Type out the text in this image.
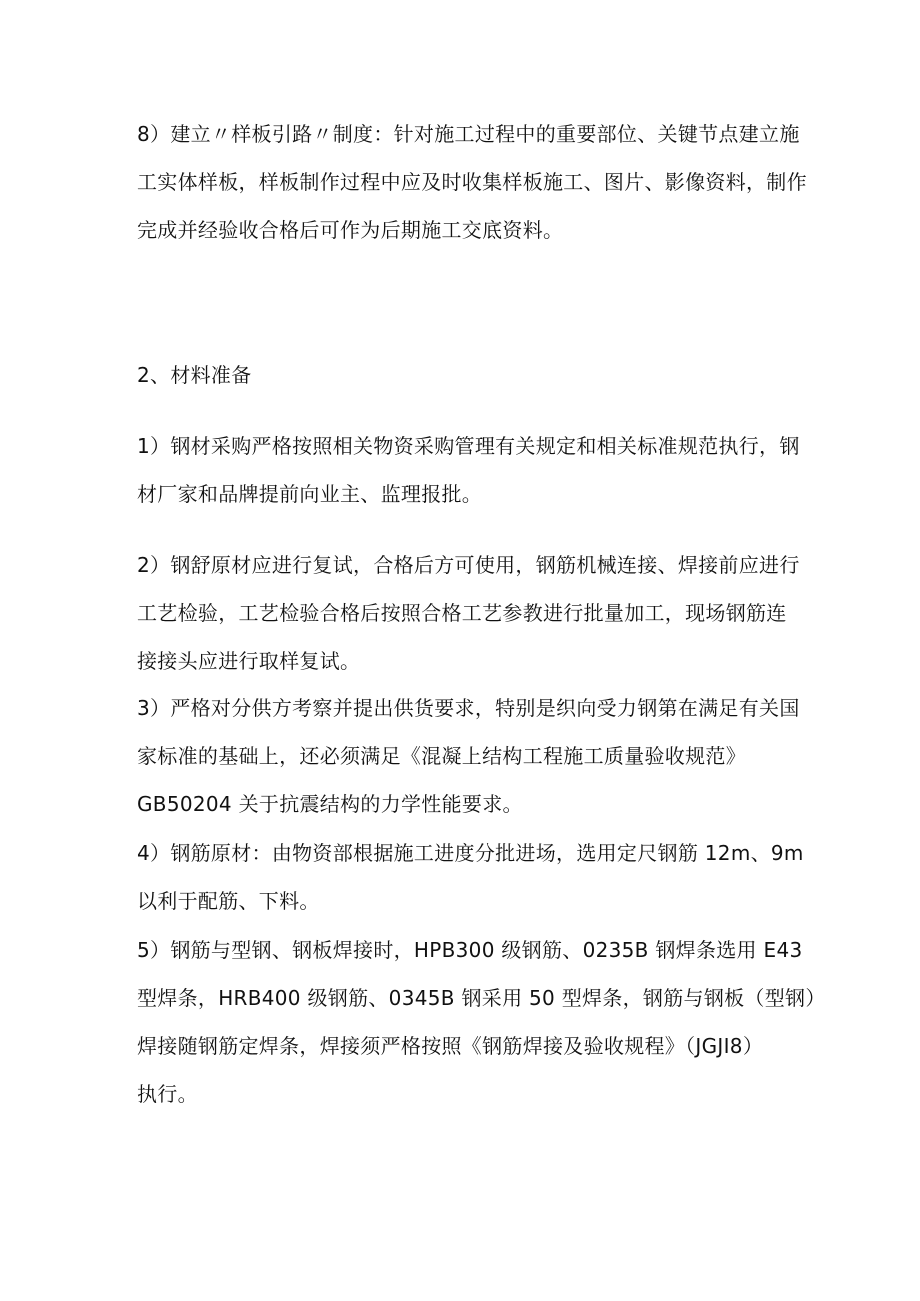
8）建立〃样板引路〃制度：针对施工过程中的重要部位、关键节点建立施
工实体样板，样板制作过程中应及时收集样板施工、图片、影像资料，制作
完成并经验收合格后可作为后期施工交底资料。

2、材料准备

1）钢材采购严格按照相关物资采购管理有关规定和相关标准规范执行，钢
材厂家和品牌提前向业主、监理报批。

2）钢舒原材应进行复试，合格后方可使用，钢筋机械连接、焊接前应进行
工艺检验，工艺检验合格后按照合格工艺参教进行批量加工，现场钢筋连
接接头应进行取样复试。

3）严格对分供方考察并提出供货要求，特别是织向受力钢第在满足有关国
家标准的基础上，还必须满足《混凝上结构工程施工质量验收规范》
GB50204 关于抗震结构的力学性能要求。

4）钢筋原材：由物资部根据施工进度分批进场，选用定尺钢筋 12m、9m
以利于配筋、下料。

5）钢筋与型钢、钢板焊接时，HPB300 级钢筋、0235B 钢焊条选用 E43
型焊条，HRB400 级钢筋、0345B 钢采用 50 型焊条，钢筋与钢板（型钢）
焊接随钢筋定焊条，焊接须严格按照《钢筋焊接及验收规程》（JGJI8）
执行。
